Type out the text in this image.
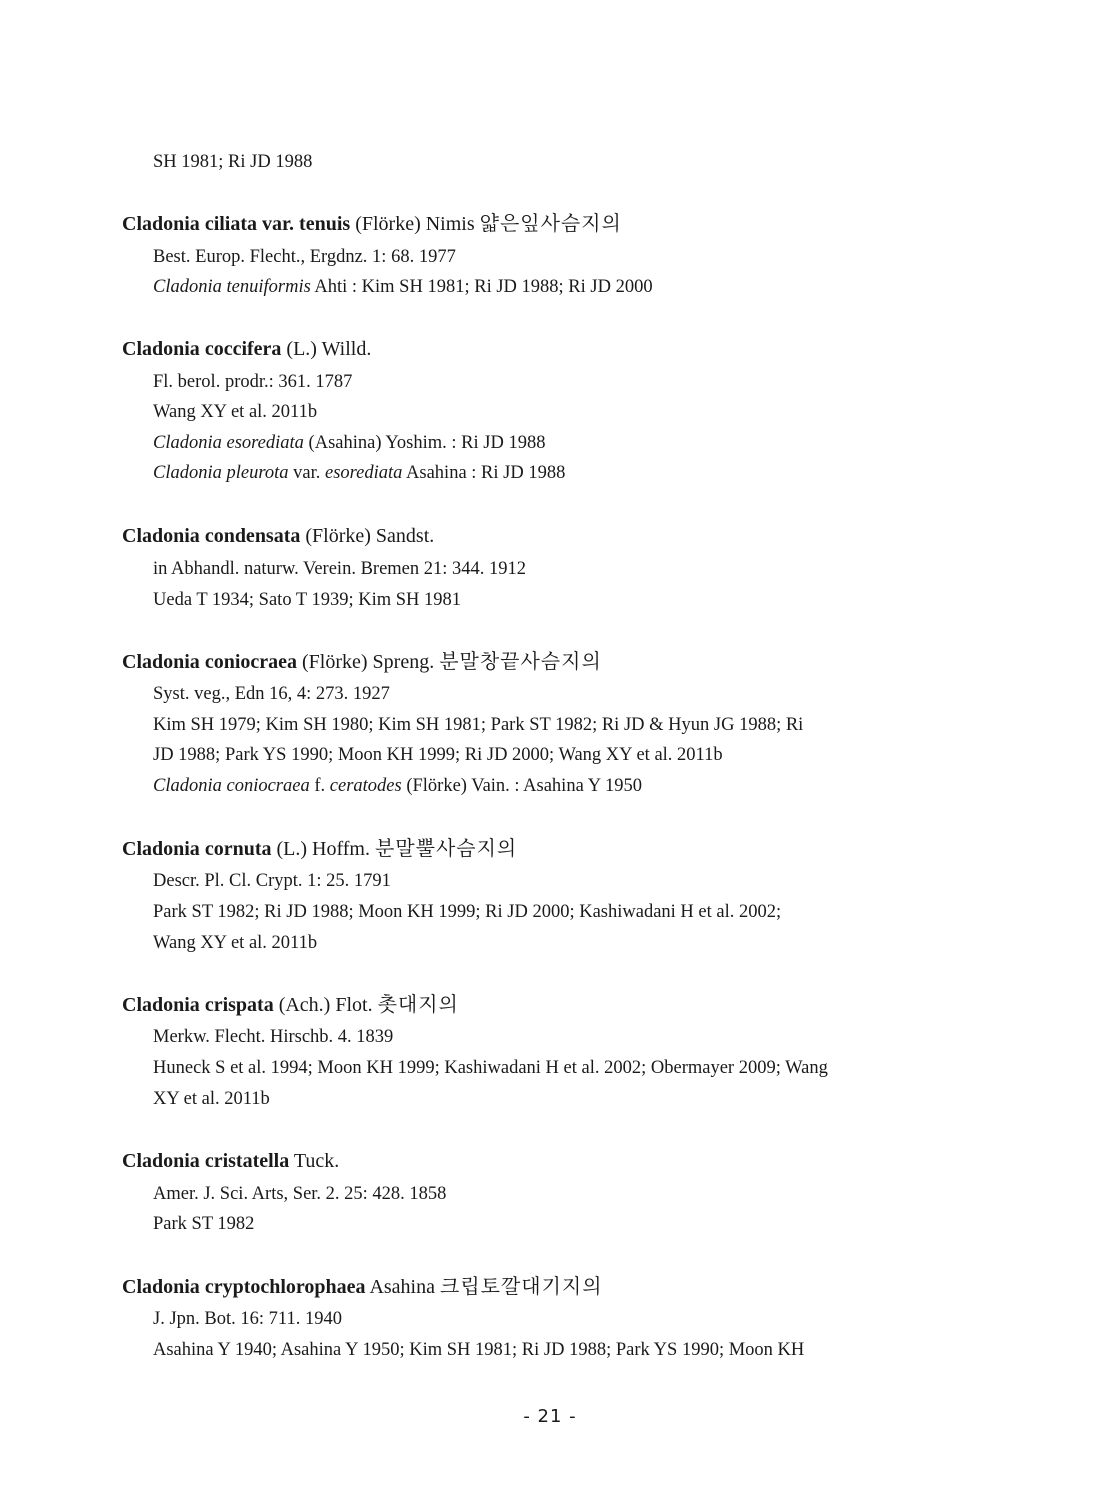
SH 1981; Ri JD 1988
Cladonia ciliata var. tenuis (Flörke) Nimis 얇은잎사슴지의
Best. Europ. Flecht., Ergdnz. 1: 68. 1977
Cladonia tenuiformis Ahti : Kim SH 1981; Ri JD 1988; Ri JD 2000
Cladonia coccifera (L.) Willd.
Fl. berol. prodr.: 361. 1787
Wang XY et al. 2011b
Cladonia esorediata (Asahina) Yoshim. : Ri JD 1988
Cladonia pleurota var. esorediata Asahina : Ri JD 1988
Cladonia condensata (Flörke) Sandst.
in Abhandl. naturw. Verein. Bremen 21: 344. 1912
Ueda T 1934; Sato T 1939; Kim SH 1981
Cladonia coniocraea (Flörke) Spreng. 분말창끝사슴지의
Syst. veg., Edn 16, 4: 273. 1927
Kim SH 1979; Kim SH 1980; Kim SH 1981; Park ST 1982; Ri JD & Hyun JG 1988; Ri
JD 1988; Park YS 1990; Moon KH 1999; Ri JD 2000; Wang XY et al. 2011b
Cladonia coniocraea f. ceratodes (Flörke) Vain. : Asahina Y 1950
Cladonia cornuta (L.) Hoffm. 분말뿔사슴지의
Descr. Pl. Cl. Crypt. 1: 25. 1791
Park ST 1982; Ri JD 1988; Moon KH 1999; Ri JD 2000; Kashiwadani H et al. 2002;
Wang XY et al. 2011b
Cladonia crispata (Ach.) Flot. 촛대지의
Merkw. Flecht. Hirschb. 4. 1839
Huneck S et al. 1994; Moon KH 1999; Kashiwadani H et al. 2002; Obermayer 2009; Wang
XY et al. 2011b
Cladonia cristatella Tuck.
Amer. J. Sci. Arts, Ser. 2. 25: 428. 1858
Park ST 1982
Cladonia cryptochlorophaea Asahina 크립토깔대기지의
J. Jpn. Bot. 16: 711. 1940
Asahina Y 1940; Asahina Y 1950; Kim SH 1981; Ri JD 1988; Park YS 1990; Moon KH
- 21 -
